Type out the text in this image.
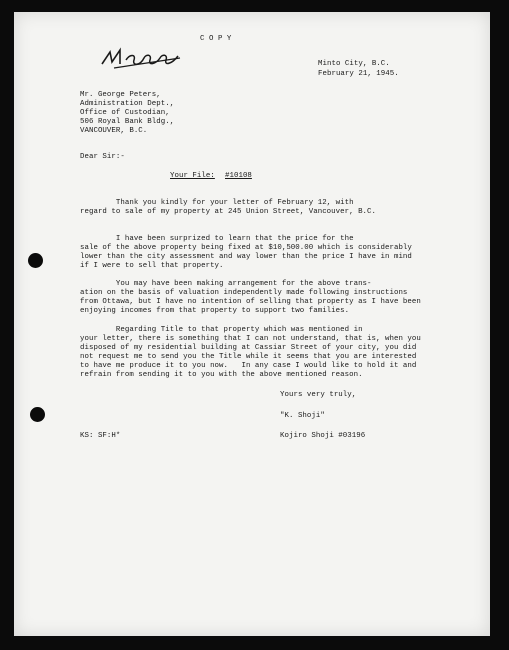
C O P Y
Minto City, B.C.
February 21, 1945.
Mr. George Peters,
Administration Dept.,
Office of Custodian,
506 Royal Bank Bldg.,
VANCOUVER, B.C.
Dear Sir:-
Your File: #10108
Thank you kindly for your letter of February 12, with
regard to sale of my property at 245 Union Street, Vancouver, B.C.
I have been surprized to learn that the price for the
sale of the above property being fixed at $10,500.00 which is considerably
lower than the city assessment and way lower than the price I have in mind
if I were to sell that property.
You may have been making arrangement for the above trans-
ation on the basis of valuation independently made following instructions
from Ottawa, but I have no intention of selling that property as I have been
enjoying incomes from that property to support two families.
Regarding Title to that property which was mentioned in
your letter, there is something that I can not understand, that is, when you
disposed of my residential building at Cassiar Street of your city, you did
not request me to send you the Title while it seems that you are interested
to have me produce it to you now.   In any case I would like to hold it and
refrain from sending it to you with the above mentioned reason.
Yours very truly,
"K. Shoji"
KS: SF:H*	Kojiro Shoji #03196
